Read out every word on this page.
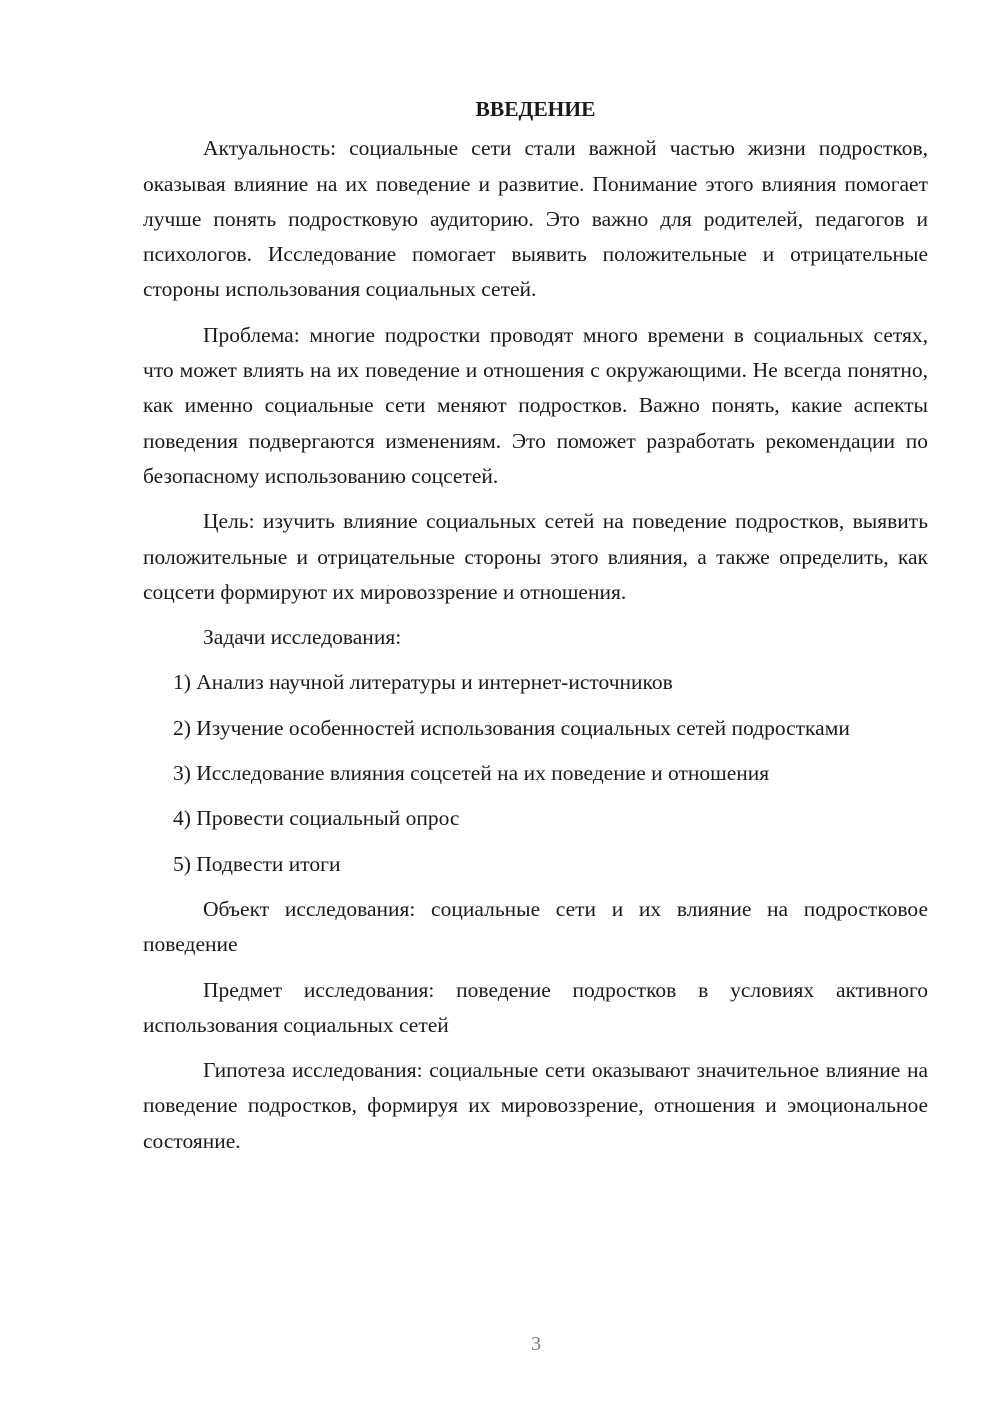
ВВЕДЕНИЕ

Актуальность: социальные сети стали важной частью жизни подростков, оказывая влияние на их поведение и развитие. Понимание этого влияния помогает лучше понять подростковую аудиторию. Это важно для родителей, педагогов и психологов. Исследование помогает выявить положительные и отрицательные стороны использования социальных сетей.

Проблема: многие подростки проводят много времени в социальных сетях, что может влиять на их поведение и отношения с окружающими. Не всегда понятно, как именно социальные сети меняют подростков. Важно понять, какие аспекты поведения подвергаются изменениям. Это поможет разработать рекомендации по безопасному использованию соцсетей.

Цель: изучить влияние социальных сетей на поведение подростков, выявить положительные и отрицательные стороны этого влияния, а также определить, как соцсети формируют их мировоззрение и отношения.

Задачи исследования:

1) Анализ научной литературы и интернет-источников

2) Изучение особенностей использования социальных сетей подростками

3) Исследование влияния соцсетей на их поведение и отношения

4) Провести социальный опрос

5) Подвести итоги

Объект исследования: социальные сети и их влияние на подростковое поведение

Предмет исследования: поведение подростков в условиях активного использования социальных сетей

Гипотеза исследования: социальные сети оказывают значительное влияние на поведение подростков, формируя их мировоззрение, отношения и эмоциональное состояние.

3
